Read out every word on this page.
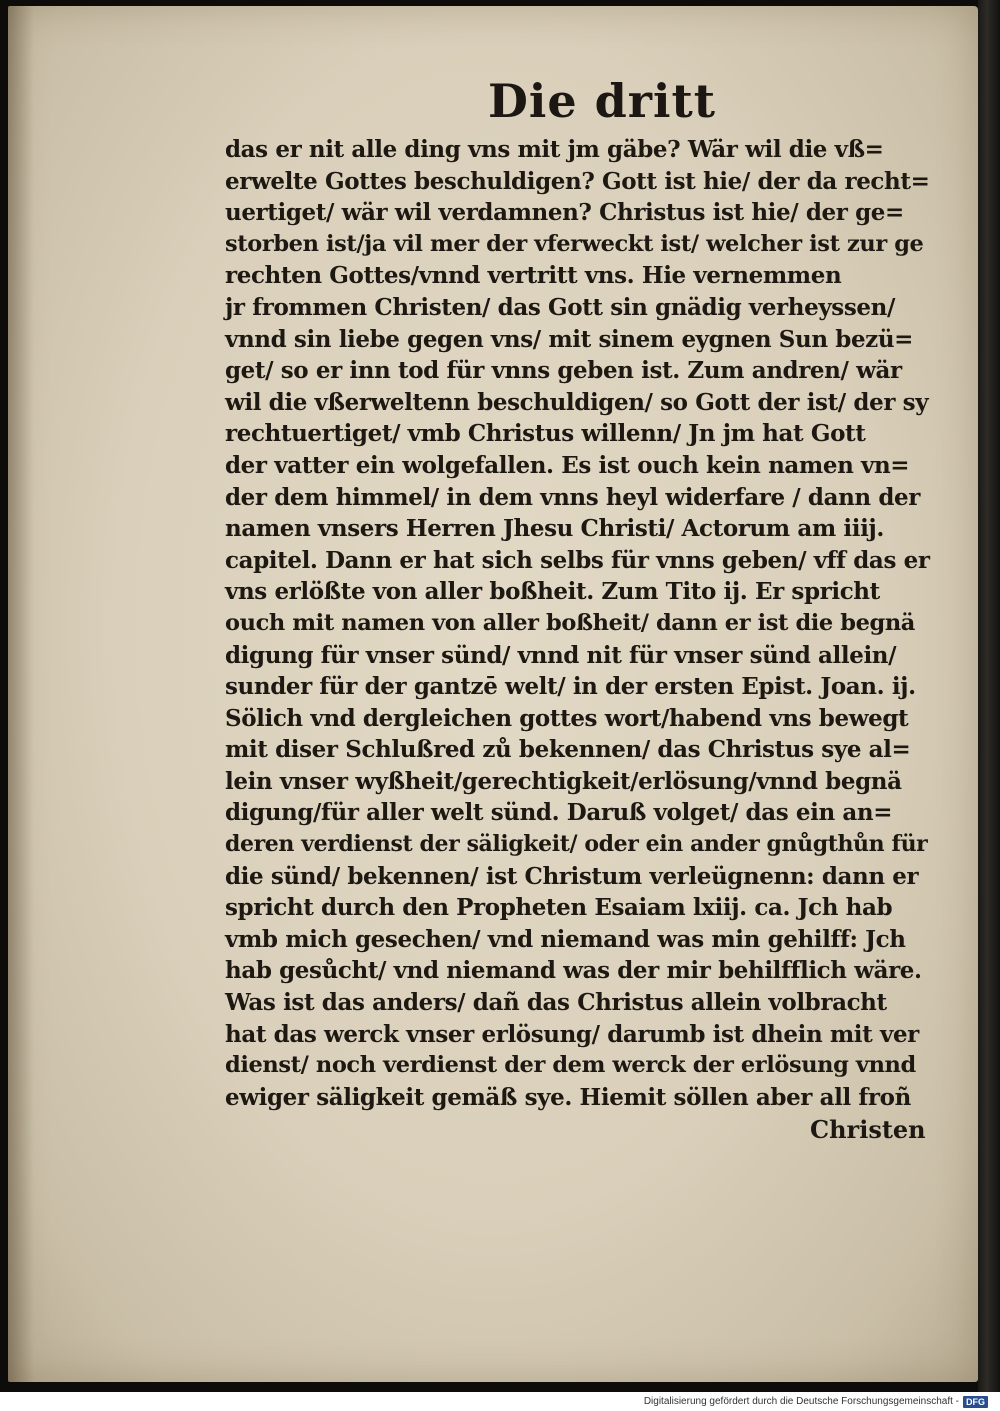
Die dritt
das er nit alle ding vns mit jm gäbe? Wär wil die vß=
erwelte Gottes beschuldigen? Gott ist hie/ der da recht=
uertiget/ wär wil verdamnen? Christus ist hie/ der ge=
storben ist/ja vil mer der vferweckt ist/ welcher ist zur ge
rechten Gottes/vnnd vertritt vns. Hie vernemmen
jr frommen Christen/ das Gott sin gnädig verheyssen/
vnnd sin liebe gegen vns/ mit sinem eygnen Sun bezü=
get/ so er inn tod für vnns geben ist. Zum andren/ wär
wil die vßerweltenn beschuldigen/ so Gott der ist/ der sy
rechtuertiget/ vmb Christus willenn/ Jn jm hat Gott
der vatter ein wolgefallen. Es ist ouch kein namen vn=
der dem himmel/ in dem vnns heyl widerfare / dann der
namen vnsers Herren Jhesu Christi/ Actorum am iiij.
capitel. Dann er hat sich selbs für vnns geben/ vff das er
vns erlößte von aller boßheit. Zum Tito ij. Er spricht
ouch mit namen von aller boßheit/ dann er ist die begnä
digung für vnser sünd/ vnnd nit für vnser sünd allein/
sunder für der gantzē welt/ in der ersten Epist. Joan. ij.
Sölich vnd dergleichen gottes wort/habend vns bewegt
mit diser Schlußred zů bekennen/ das Christus sye al=
lein vnser wyßheit/gerechtigkeit/erlösung/vnnd begnä
digung/für aller welt sünd. Daruß volget/ das ein an=
deren verdienst der säligkeit/ oder ein ander gnůgthůn für
die sünd/ bekennen/ ist Christum verleügnenn: dann er
spricht durch den Propheten Esaiam lxiij. ca. Jch hab
vmb mich gesechen/ vnd niemand was min gehilff: Jch
hab gesůcht/ vnd niemand was der mir behilfflich wäre.
Was ist das anders/ dañ das Christus allein volbracht
hat das werck vnser erlösung/ darumb ist dhein mit ver
dienst/ noch verdienst der dem werck der erlösung vnnd
ewiger säligkeit gemäß sye. Hiemit söllen aber all froñ
Christen
Digitalisierung gefördert durch die Deutsche Forschungsgemeinschaft - DFG
